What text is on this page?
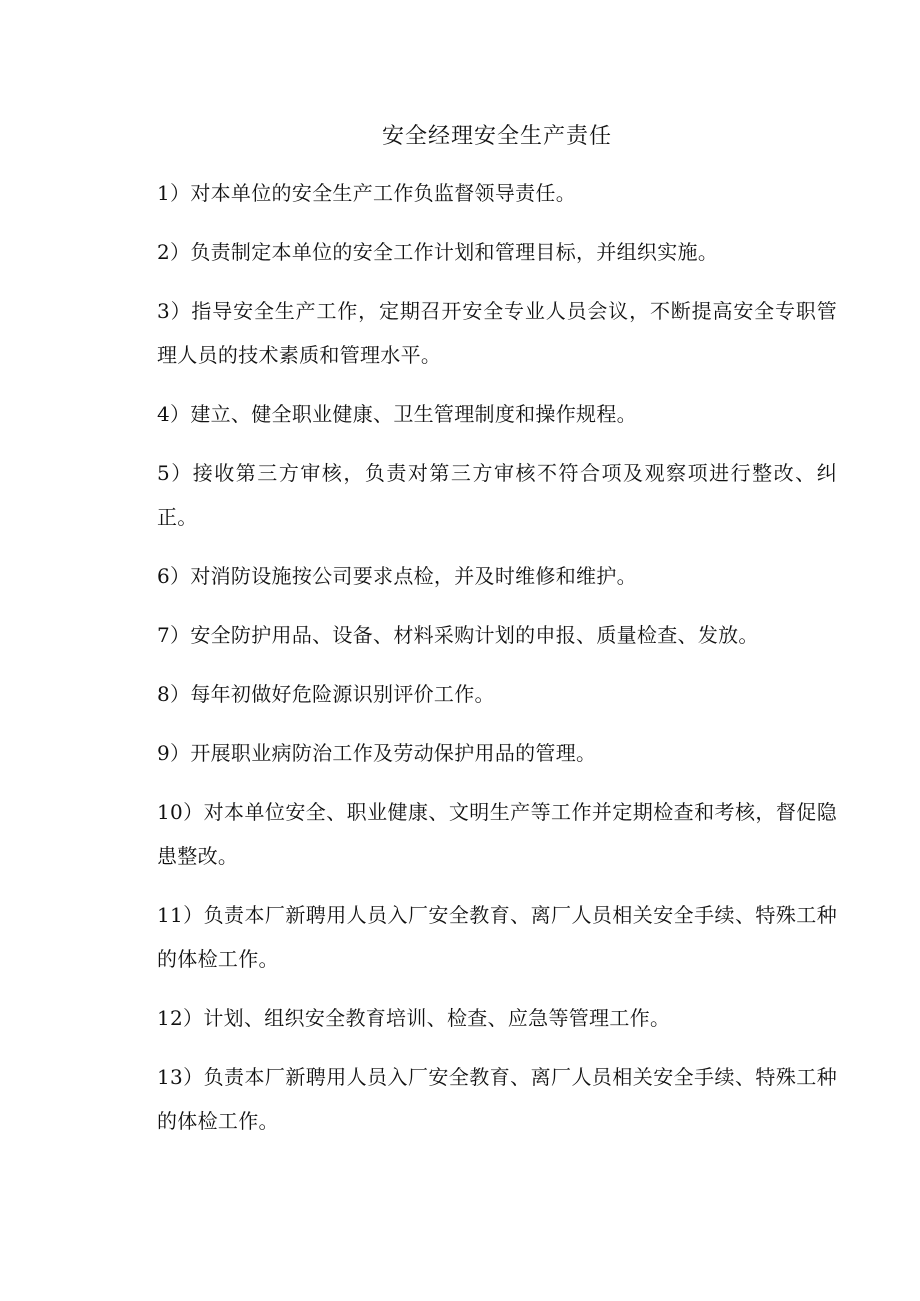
安全经理安全生产责任

1）对本单位的安全生产工作负监督领导责任。

2）负责制定本单位的安全工作计划和管理目标，并组织实施。

3）指导安全生产工作，定期召开安全专业人员会议，不断提高安全专职管理人员的技术素质和管理水平。

4）建立、健全职业健康、卫生管理制度和操作规程。

5）接收第三方审核，负责对第三方审核不符合项及观察项进行整改、纠正。

6）对消防设施按公司要求点检，并及时维修和维护。

7）安全防护用品、设备、材料采购计划的申报、质量检查、发放。

8）每年初做好危险源识别评价工作。

9）开展职业病防治工作及劳动保护用品的管理。

10）对本单位安全、职业健康、文明生产等工作并定期检查和考核，督促隐患整改。

11）负责本厂新聘用人员入厂安全教育、离厂人员相关安全手续、特殊工种的体检工作。

12）计划、组织安全教育培训、检查、应急等管理工作。

13）负责本厂新聘用人员入厂安全教育、离厂人员相关安全手续、特殊工种的体检工作。
